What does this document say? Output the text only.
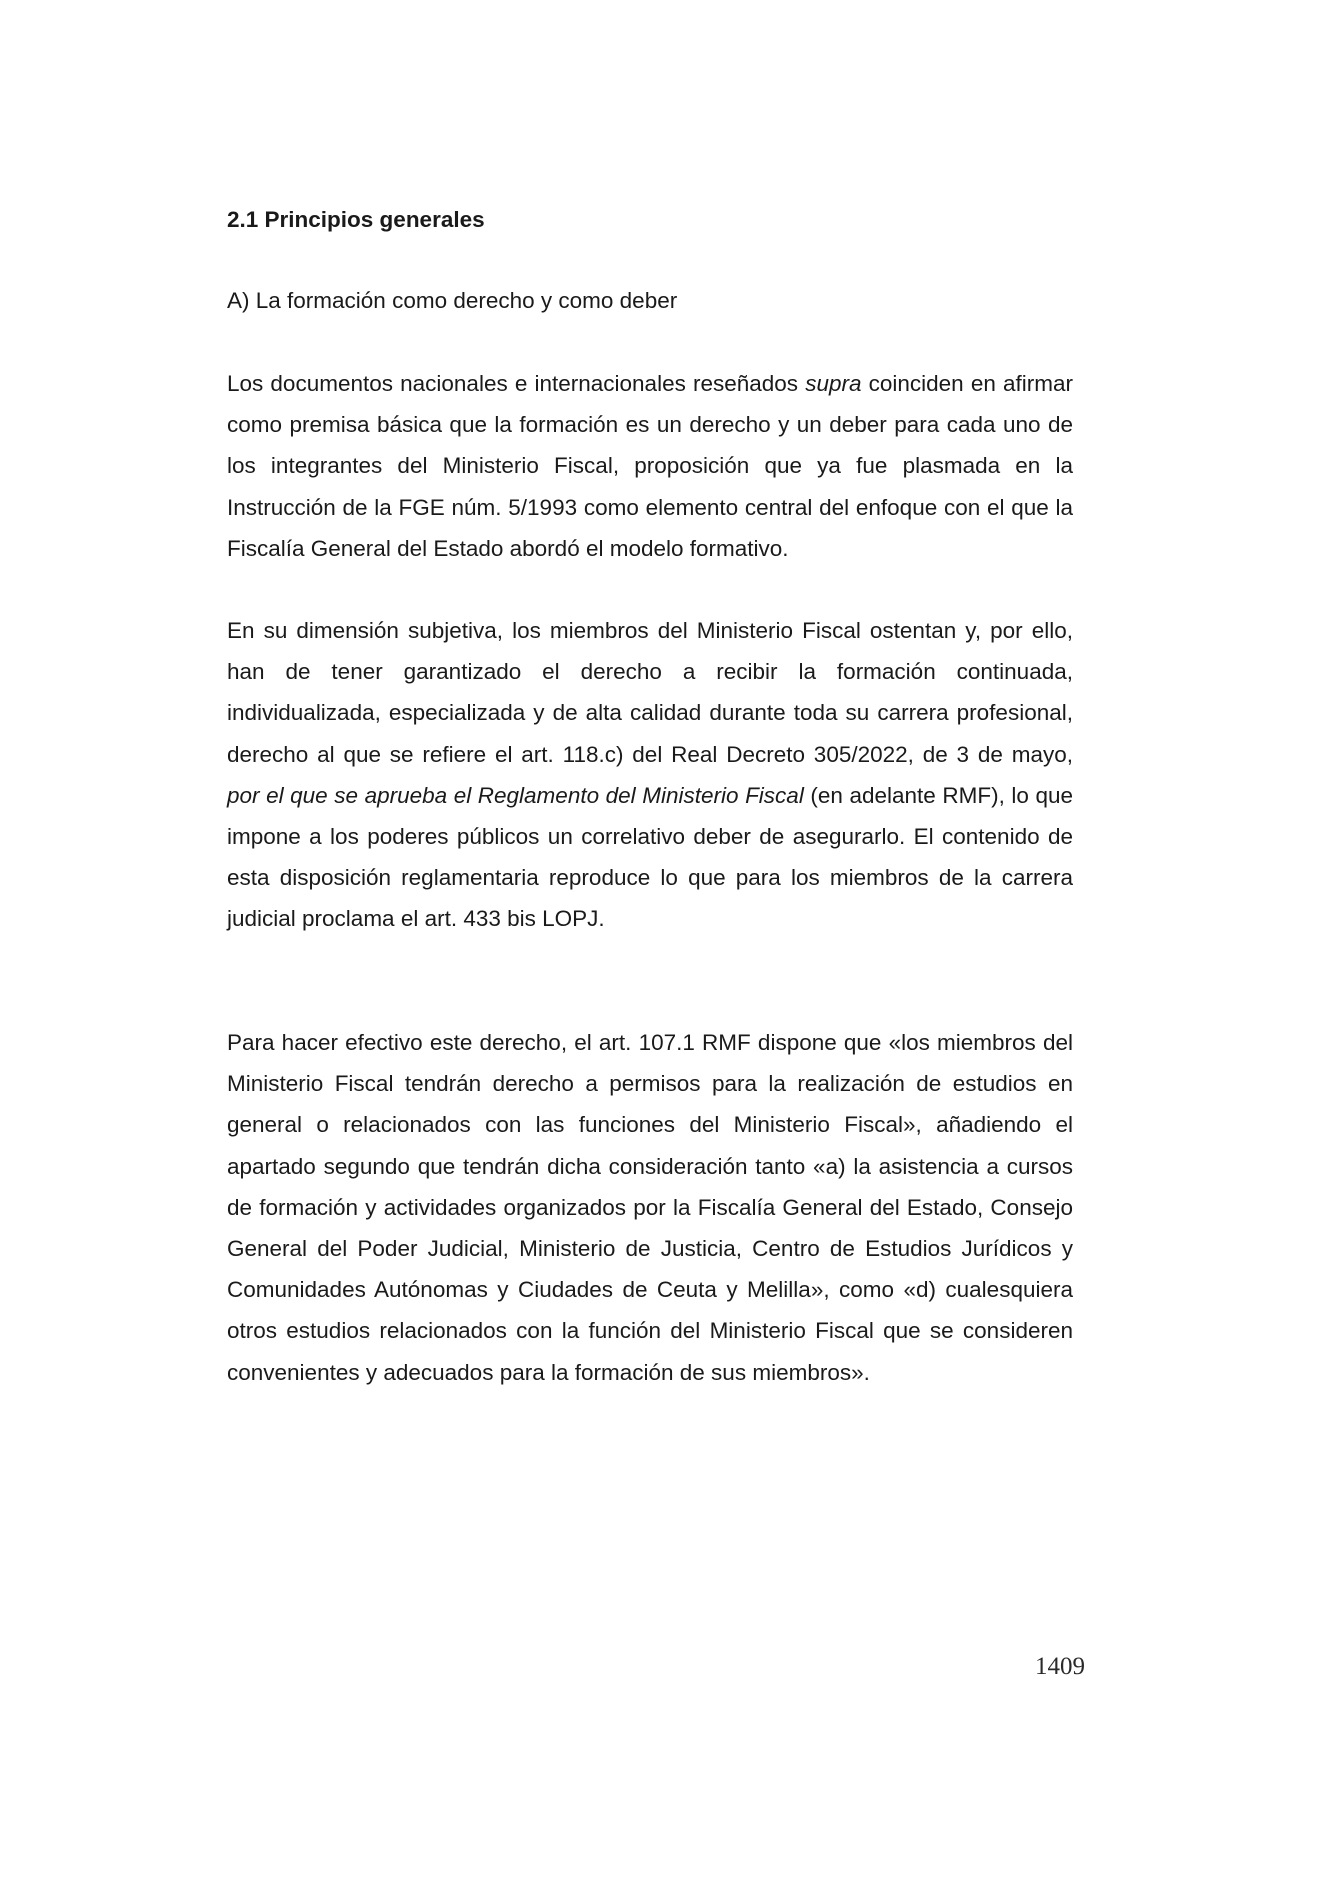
2.1 Principios generales

A) La formación como derecho y como deber

Los documentos nacionales e internacionales reseñados supra coinciden en afirmar como premisa básica que la formación es un derecho y un deber para cada uno de los integrantes del Ministerio Fiscal, proposición que ya fue plasmada en la Instrucción de la FGE núm. 5/1993 como elemento central del enfoque con el que la Fiscalía General del Estado abordó el modelo formativo.

En su dimensión subjetiva, los miembros del Ministerio Fiscal ostentan y, por ello, han de tener garantizado el derecho a recibir la formación continuada, individualizada, especializada y de alta calidad durante toda su carrera profesional, derecho al que se refiere el art. 118.c) del Real Decreto 305/2022, de 3 de mayo, por el que se aprueba el Reglamento del Ministerio Fiscal (en adelante RMF), lo que impone a los poderes públicos un correlativo deber de asegurarlo. El contenido de esta disposición reglamentaria reproduce lo que para los miembros de la carrera judicial proclama el art. 433 bis LOPJ.

Para hacer efectivo este derecho, el art. 107.1 RMF dispone que «los miembros del Ministerio Fiscal tendrán derecho a permisos para la realización de estudios en general o relacionados con las funciones del Ministerio Fiscal», añadiendo el apartado segundo que tendrán dicha consideración tanto «a) la asistencia a cursos de formación y actividades organizados por la Fiscalía General del Estado, Consejo General del Poder Judicial, Ministerio de Justicia, Centro de Estudios Jurídicos y Comunidades Autónomas y Ciudades de Ceuta y Melilla», como «d) cualesquiera otros estudios relacionados con la función del Ministerio Fiscal que se consideren convenientes y adecuados para la formación de sus miembros».

1409
